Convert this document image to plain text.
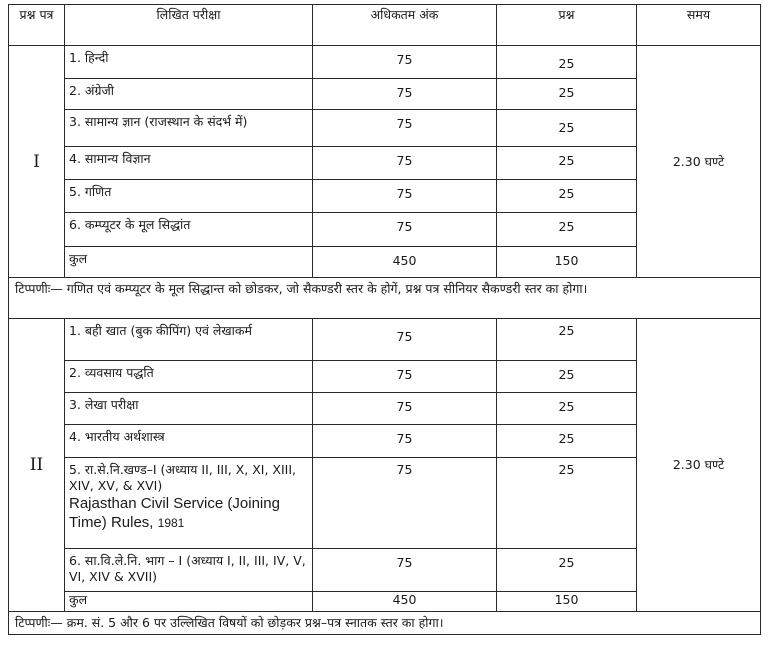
प्रश्न पत्र	लिखित परीक्षा	अधिकतम अंक	प्रश्न	समय
I	1. हिन्दी	75	25	2.30 घण्टे
	2. अंग्रेजी	75	25	
	3. सामान्य ज्ञान (राजस्थान के संदर्भ में)	75	25	
	4. सामान्य विज्ञान	75	25	
	5. गणित	75	25	
	6. कम्प्यूटर के मूल सिद्धांत	75	25	
	कुल	450	150	
टिप्पणीः— गणित एवं कम्प्यूटर के मूल सिद्धान्त को छोडकर, जो सैकण्डरी स्तर के होगें, प्रश्न पत्र सीनियर सैकण्डरी स्तर का होगा।				
II	1. बही खात (बुक कीपिंग) एवं लेखाकर्म	75	25	2.30 घण्टे
	2. व्यवसाय पद्धति	75	25	
	3. लेखा परीक्षा	75	25	
	4. भारतीय अर्थशास्त्र	75	25	

	5. रा.से.नि.खण्ड–I (अध्याय II, III, X, XI, XIII, XIV, XV, & XVI)
Rajasthan Civil Service (Joining Time) Rules, 1981	75	25	
	6. सा.वि.ले.नि. भाग – I (अध्याय I, II, III, IV, V, VI, XIV & XVII)	75	25	
	कुल	450	150	
टिप्पणीः— क्रम. सं. 5 और 6 पर उल्लिखित विषयों को छोड़कर प्रश्न–पत्र स्नातक स्तर का होगा।				
